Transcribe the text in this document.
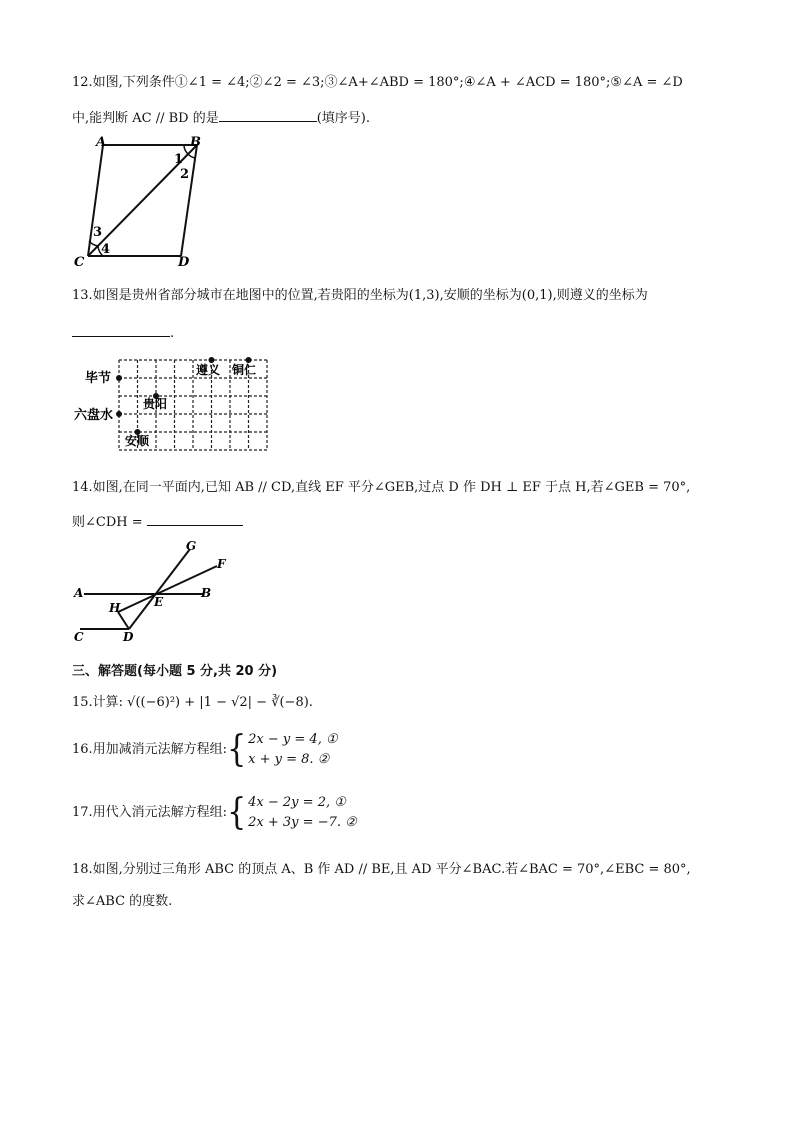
12.如图,下列条件①∠1 = ∠4;②∠2 = ∠3;③∠A+∠ABD = 180°;④∠A + ∠ACD = 180°;⑤∠A = ∠D
中,能判断 AC // BD 的是	(填序号).
A	B
C	D
1
2
3
4
13.如图是贵州省部分城市在地图中的位置,若贵阳的坐标为(1,3),安顺的坐标为(0,1),则遵义的坐标为
.
毕节
六盘水
贵阳
安顺
遵义 铜仁
14.如图,在同一平面内,已知 AB // CD,直线 EF 平分∠GEB,过点 D 作 DH ⊥ EF 于点 H,若∠GEB = 70°,
则∠CDH =
G
F
A	B
E
H
C	D
三、解答题(每小题 5 分,共 20 分)
15.计算: √((−6)²) + |1 − √2| − ∛(−8).
16.用加减消元法解方程组:{ 2x − y = 4, ①
x + y = 8. ②
17.用代入消元法解方程组:{ 4x − 2y = 2, ①
2x + 3y = −7. ②
18.如图,分别过三角形 ABC 的顶点 A、B 作 AD // BE,且 AD 平分∠BAC.若∠BAC = 70°,∠EBC = 80°,
求∠ABC 的度数.
